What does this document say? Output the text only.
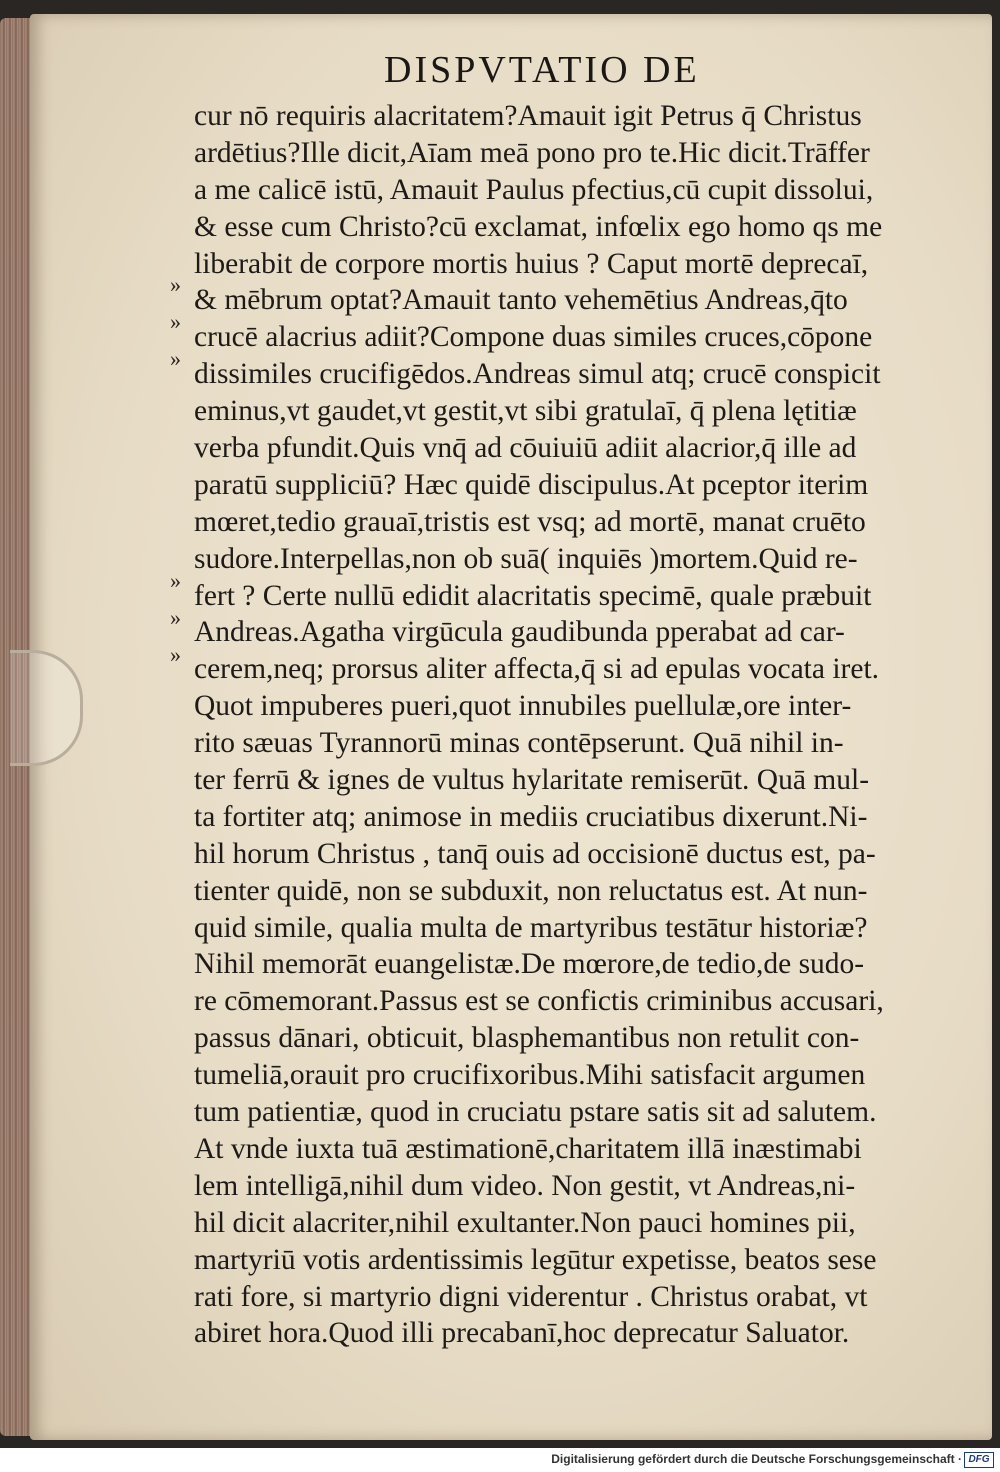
DISPVTATIO DE
»
»
»
»
»
»
cur nō requiris alacritatem?Amauit igit Petrus q̄ Christus
ardētius?Ille dicit,Aīam meā pono pro te.Hic dicit.Trāffer
a me calicē istū, Amauit Paulus pfectius,cū cupit dissolui,
& esse cum Christo?cū exclamat, infœlix ego homo qs me
liberabit de corpore mortis huius ? Caput mortē deprecaī,
& mēbrum optat?Amauit tanto vehemētius Andreas,q̄to
crucē alacrius adiit?Compone duas similes cruces,cōpone
dissimiles crucifigēdos.Andreas simul atq; crucē conspicit
eminus,vt gaudet,vt gestit,vt sibi gratulaī, q̄ plena lętitiæ
verba pfundit.Quis vnq̄ ad cōuiuiū adiit alacrior,q̄ ille ad
paratū suppliciū? Hæc quidē discipulus.At pceptor iterim
mœret,tedio grauaī,tristis est vsq; ad mortē, manat cruēto
sudore.Interpellas,non ob suā( inquiēs )mortem.Quid re-
fert ? Certe nullū edidit alacritatis specimē, quale præbuit
Andreas.Agatha virgūcula gaudibunda pperabat ad car-
cerem,neq; prorsus aliter affecta,q̄ si ad epulas vocata iret.
Quot impuberes pueri,quot innubiles puellulæ,ore inter-
rito sæuas Tyrannorū minas contēpserunt. Quā nihil in-
ter ferrū & ignes de vultus hylaritate remiserūt. Quā mul-
ta fortiter atq; animose in mediis cruciatibus dixerunt.Ni-
hil horum Christus , tanq̄ ouis ad occisionē ductus est, pa-
tienter quidē, non se subduxit, non reluctatus est. At nun-
quid simile, qualia multa de martyribus testātur historiæ?
Nihil memorāt euangelistæ.De mœrore,de tedio,de sudo-
re cōmemorant.Passus est se confictis criminibus accusari,
passus dānari, obticuit, blasphemantibus non retulit con-
tumeliā,orauit pro crucifixoribus.Mihi satisfacit argumen
tum patientiæ, quod in cruciatu pstare satis sit ad salutem.
At vnde iuxta tuā æstimationē,charitatem illā inæstimabi
lem intelligā,nihil dum video. Non gestit, vt Andreas,ni-
hil dicit alacriter,nihil exultanter.Non pauci homines pii,
martyriū votis ardentissimis legūtur expetisse, beatos sese
rati fore, si martyrio digni viderentur . Christus orabat, vt
abiret hora.Quod illi precabanī,hoc deprecatur Saluator.
Digitalisierung gefördert durch die Deutsche Forschungsgemeinschaft · DFG
